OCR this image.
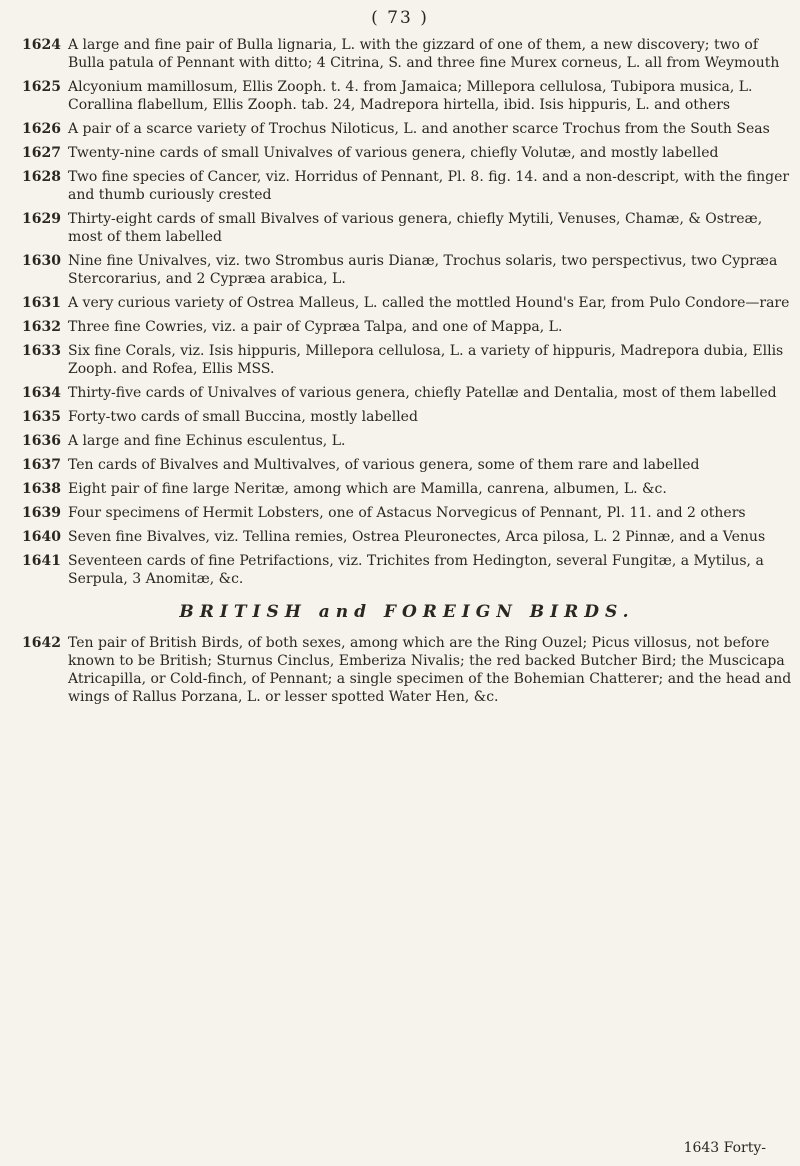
( 73 )
1624 A large and fine pair of Bulla lignaria, L. with the gizzard of one of them, a new discovery; two of Bulla patula of Pennant with ditto; 4 Citrina, S. and three fine Murex corneus, L. all from Weymouth
1625 Alcyonium mamillosum, Ellis Zooph. t. 4. from Jamaica; Millepora cellulosa, Tubipora musica, L. Corallina flabellum, Ellis Zooph. tab. 24, Madrepora hirtella, ibid. Isis hippuris, L. and others
1626 A pair of a scarce variety of Trochus Niloticus, L. and another scarce Trochus from the South Seas
1627 Twenty-nine cards of small Univalves of various genera, chiefly Volutæ, and mostly labelled
1628 Two fine species of Cancer, viz. Horridus of Pennant, Pl. 8. fig. 14. and a non-descript, with the finger and thumb curiously crested
1629 Thirty-eight cards of small Bivalves of various genera, chiefly Mytili, Venuses, Chamæ, & Ostreæ, most of them labelled
1630 Nine fine Univalves, viz. two Strombus auris Dianæ, Trochus solaris, two perspectivus, two Cypræa Stercorarius, and 2 Cypræa arabica, L.
1631 A very curious variety of Ostrea Malleus, L. called the mottled Hound's Ear, from Pulo Condore—rare
1632 Three fine Cowries, viz. a pair of Cypræa Talpa, and one of Mappa, L.
1633 Six fine Corals, viz. Isis hippuris, Millepora cellulosa, L. a variety of hippuris, Madrepora dubia, Ellis Zooph. and Rofea, Ellis MSS.
1634 Thirty-five cards of Univalves of various genera, chiefly Patellæ and Dentalia, most of them labelled
1635 Forty-two cards of small Buccina, mostly labelled
1636 A large and fine Echinus esculentus, L.
1637 Ten cards of Bivalves and Multivalves, of various genera, some of them rare and labelled
1638 Eight pair of fine large Neritæ, among which are Mamilla, canrena, albumen, L. &c.
1639 Four specimens of Hermit Lobsters, one of Astacus Norvegicus of Pennant, Pl. 11. and 2 others
1640 Seven fine Bivalves, viz. Tellina remies, Ostrea Pleuronectes, Arca pilosa, L. 2 Pinnæ, and a Venus
1641 Seventeen cards of fine Petrifactions, viz. Trichites from Hedington, several Fungitæ, a Mytilus, a Serpula, 3 Anomitæ, &c.
BRITISH and FOREIGN BIRDS.
1642 Ten pair of British Birds, of both sexes, among which are the Ring Ouzel; Picus villosus, not before known to be British; Sturnus Cinclus, Emberiza Nivalis; the red backed Butcher Bird; the Muscicapa Atricapilla, or Cold-finch, of Pennant; a single specimen of the Bohemian Chatterer; and the head and wings of Rallus Porzana, L. or lesser spotted Water Hen, &c.
1643 Forty-
